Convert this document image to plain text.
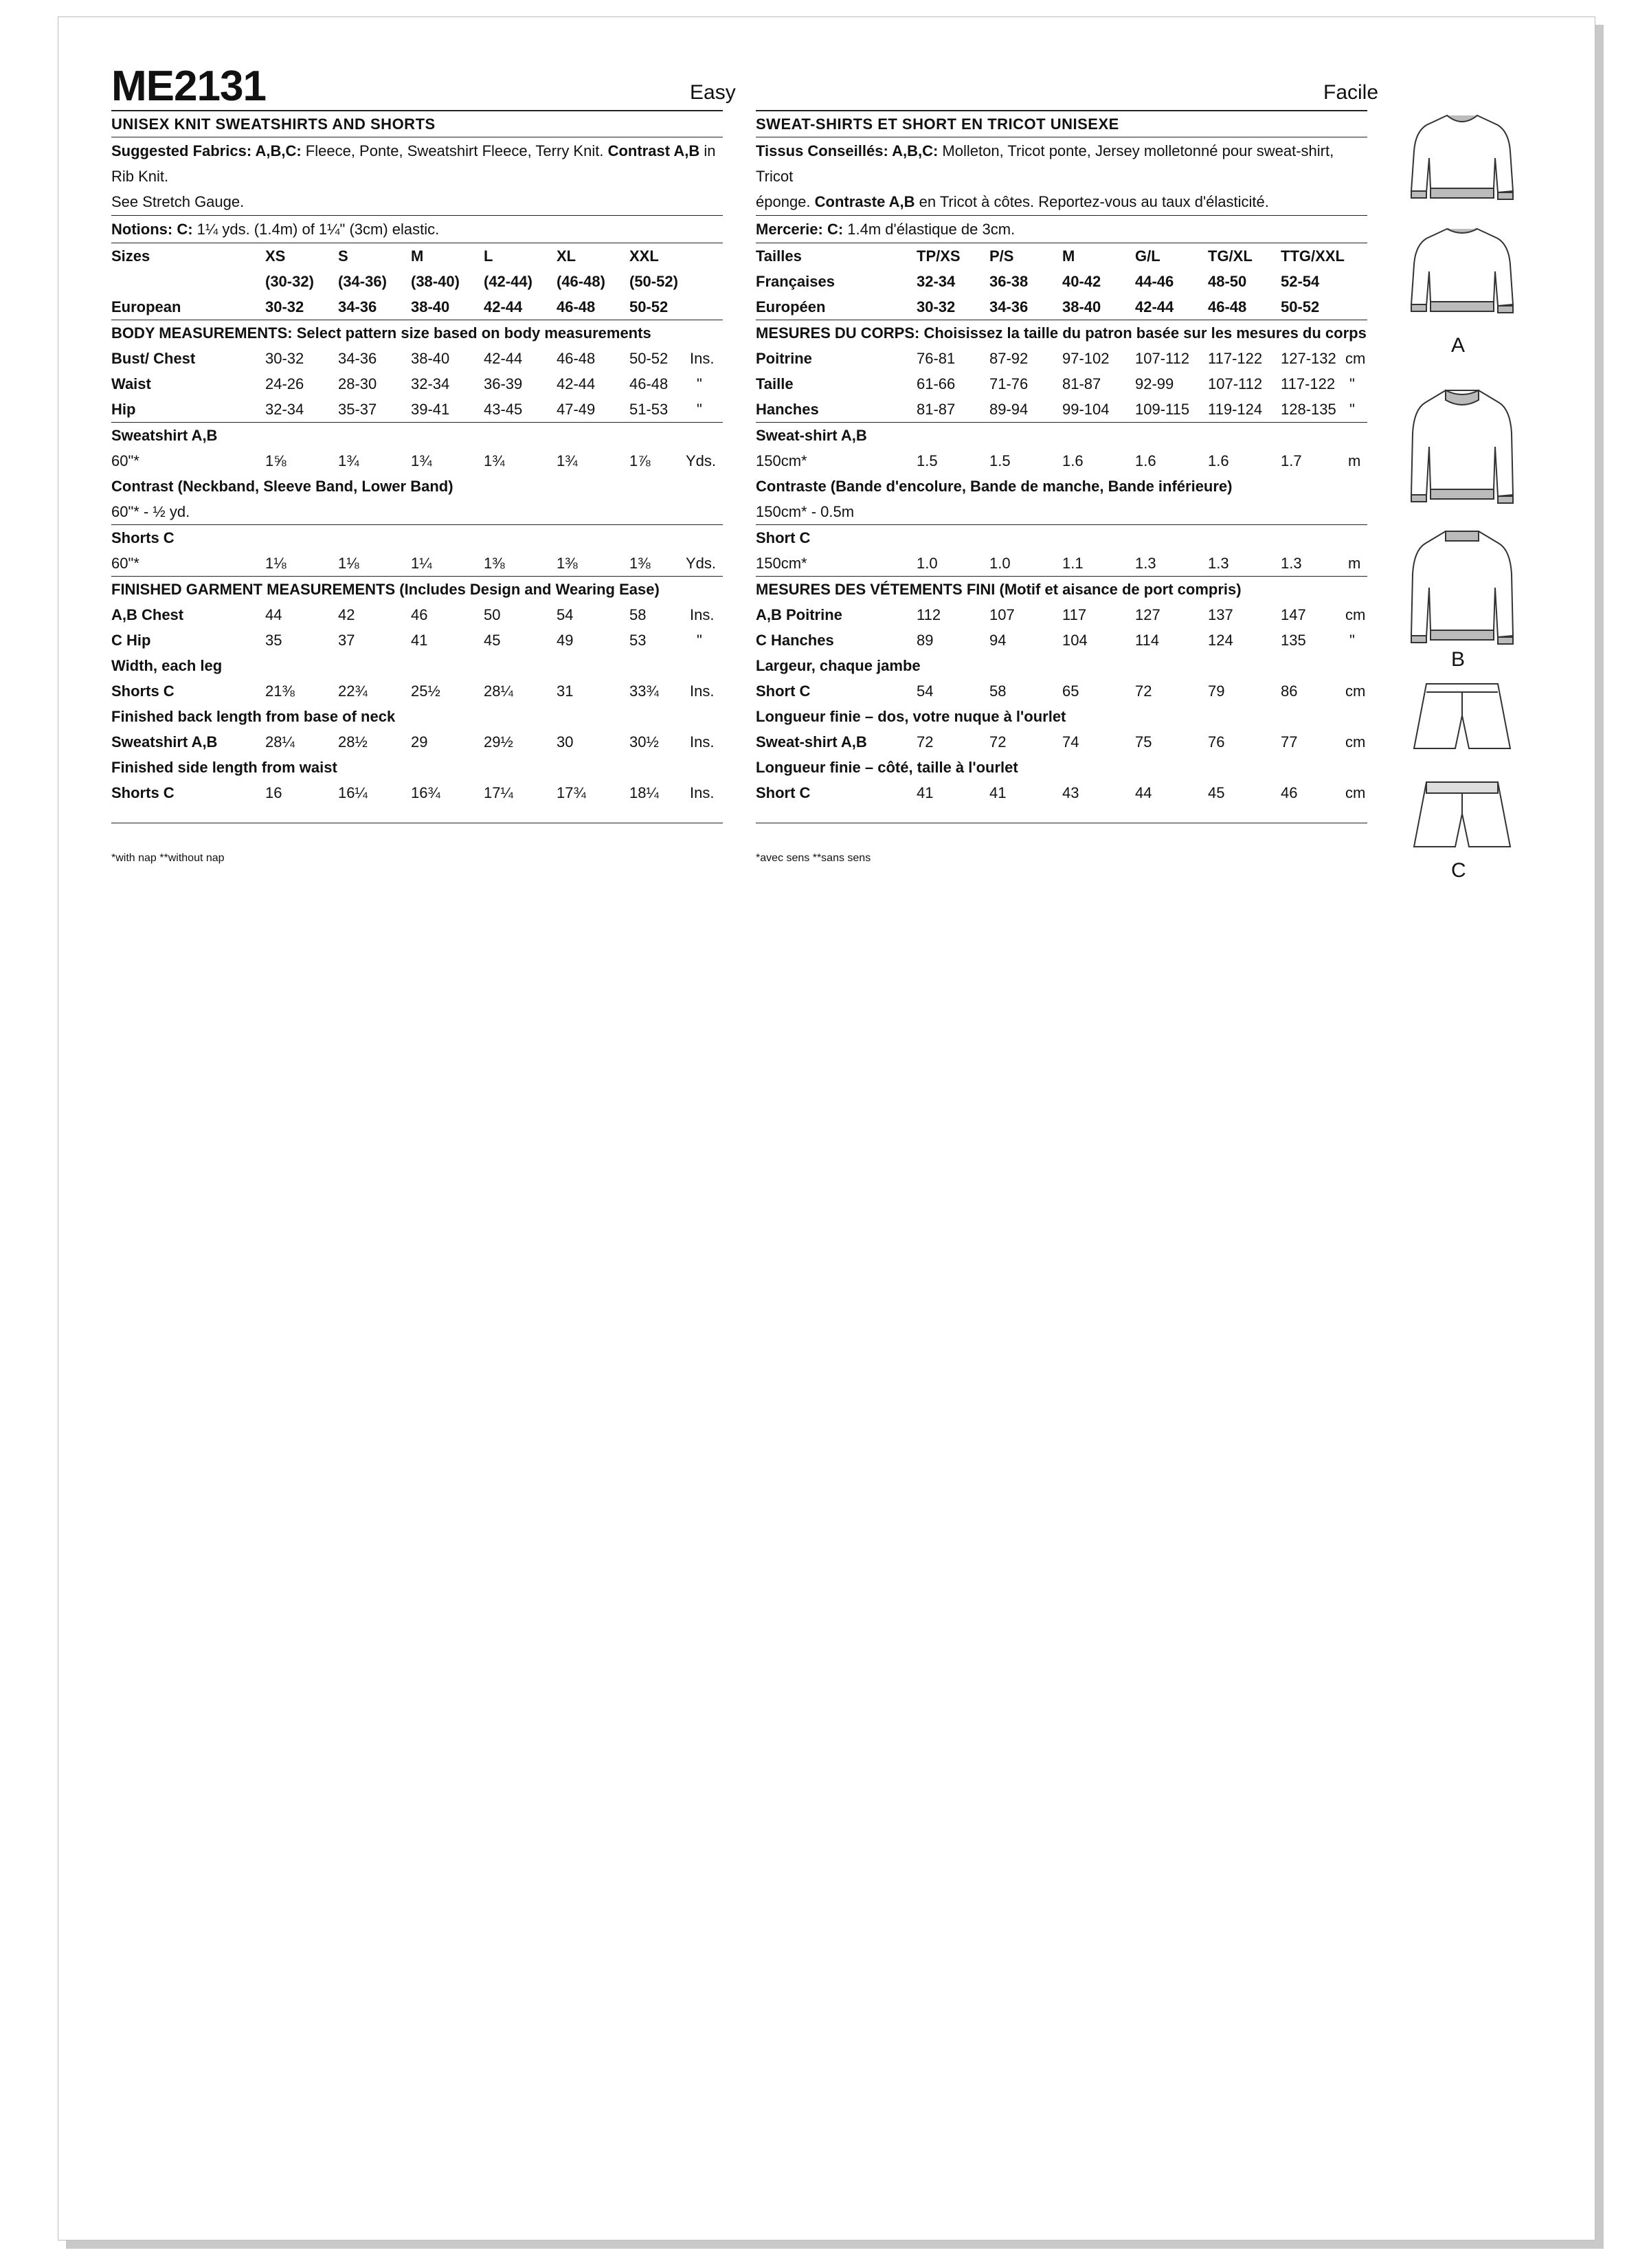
ME2131	Easy	Facile
UNISEX KNIT SWEATSHIRTS AND SHORTS
Suggested Fabrics: A,B,C: Fleece, Ponte, Sweatshirt Fleece, Terry Knit. Contrast A,B in Rib Knit.
See Stretch Gauge.
Notions: C: 1¼ yds. (1.4m) of 1¼" (3cm) elastic.
Sizes	XS	S	M	L	XL	XXL
(30-32) (34-36) (38-40) (42-44) (46-48) (50-52)
European	30-32 34-36 38-40 42-44 46-48 50-52
BODY MEASUREMENTS: Select pattern size based on body measurements
Bust/ Chest	30-32 34-36 38-40 42-44 46-48 50-52 Ins.
Waist	24-26 28-30 32-34 36-39 42-44 46-48 "
Hip	32-34 35-37 39-41 43-45 47-49 51-53 "
Sweatshirt A,B
60"*	1⅝	1¾	1¾	1¾	1¾	1⅞ Yds.
Contrast (Neckband, Sleeve Band, Lower Band)
60"* - ½ yd.
Shorts C
60"*	1⅛	1⅛	1¼	1⅜	1⅜	1⅜ Yds.
FINISHED GARMENT MEASUREMENTS (Includes Design and Wearing Ease)
A,B Chest	44	42	46	50	54	58	Ins.
C Hip	35	37	41	45	49	53	"
Width, each leg
Shorts C	21⅜	22¾	25½	28¼	31	33¾ Ins.
Finished back length from base of neck
Sweatshirt A,B	28¼	28½	29	29½	30	30½ Ins.
Finished side length from waist
Shorts C	16	16¼	16¾	17¼	17¾	18¼ Ins.
*with nap **without nap
SWEAT-SHIRTS ET SHORT EN TRICOT UNISEXE
Tissus Conseillés: A,B,C: Molleton, Tricot ponte, Jersey molletonné pour sweat-shirt, Tricot
éponge. Contraste A,B en Tricot à côtes. Reportez-vous au taux d'élasticité.
Mercerie: C: 1.4m d'élastique de 3cm.
Tailles	TP/XS P/S	M	G/L	TG/XL TTG/XXL
Françaises	32-34 36-38 40-42 44-46 48-50 52-54
Européen	30-32 34-36 38-40 42-44 46-48 50-52
MESURES DU CORPS: Choisissez la taille du patron basée sur les mesures du corps
Poitrine	76-81 87-92 97-102 107-112 117-122 127-132 cm
Taille	61-66 71-76 81-87 92-99 107-112 117-122 "
Hanches	81-87 89-94 99-104 109-115 119-124 128-135 "
Sweat-shirt A,B
150cm*	1.5	1.5	1.6	1.6	1.6	1.7	m
Contraste (Bande d'encolure, Bande de manche, Bande inférieure)
150cm* - 0.5m
Short C
150cm*	1.0	1.0	1.1	1.3	1.3	1.3	m
MESURES DES VÉTEMENTS FINI (Motif et aisance de port compris)
A,B Poitrine	112	107	117	127	137	147	cm
C Hanches	89	94	104	114	124	135	"
Largeur, chaque jambe
Short C	54	58	65	72	79	86	cm
Longueur finie – dos, votre nuque à l'ourlet
Sweat-shirt A,B	72	72	74	75	76	77	cm
Longueur finie – côté, taille à l'ourlet
Short C	41	41	43	44	45	46	cm
*avec sens **sans sens
A
B
C
